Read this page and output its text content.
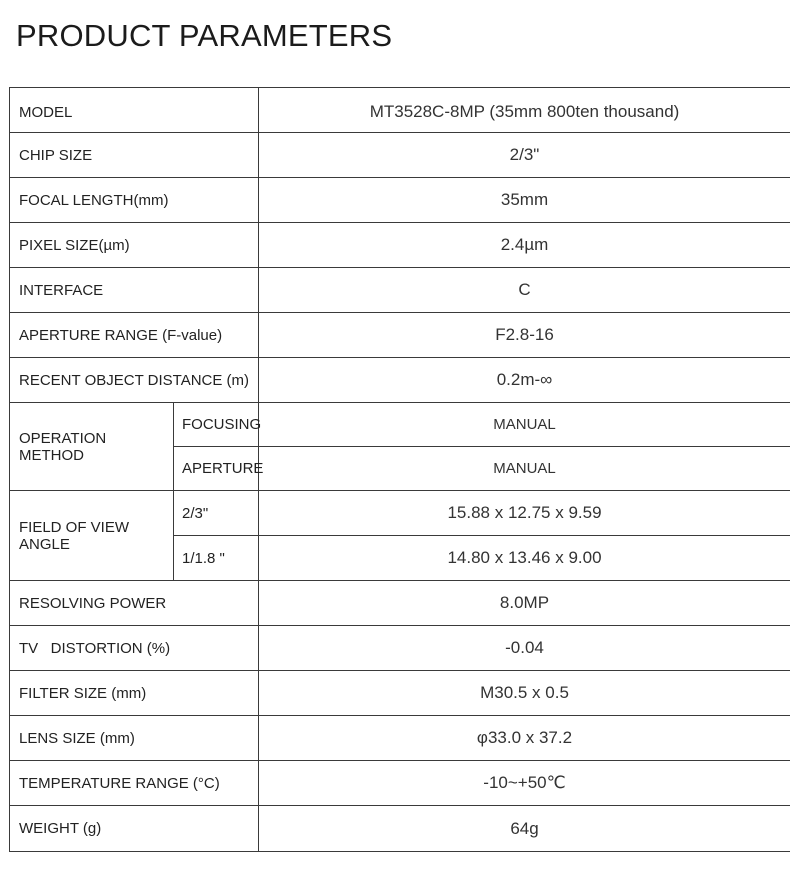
PRODUCT PARAMETERS
MODEL		MT3528C-8MP (35mm 800ten thousand)
CHIP SIZE		2/3"
FOCAL LENGTH(mm)		35mm
PIXEL SIZE(µm)		2.4µm
INTERFACE		C
APERTURE RANGE (F-value)		F2.8-16
RECENT OBJECT DISTANCE (m)		0.2m-∞
OPERATION METHOD	FOCUSING	MANUAL
	APERTURE	MANUAL
FIELD OF VIEW ANGLE	2/3"	15.88 x 12.75 x 9.59
	1/1.8 "	14.80 x 13.46 x 9.00
RESOLVING POWER		8.0MP
TV   DISTORTION (%)		-0.04
FILTER SIZE (mm)		M30.5 x 0.5
LENS SIZE (mm)		φ33.0 x 37.2
TEMPERATURE RANGE (°C)		-10~+50℃
WEIGHT (g)		64g
